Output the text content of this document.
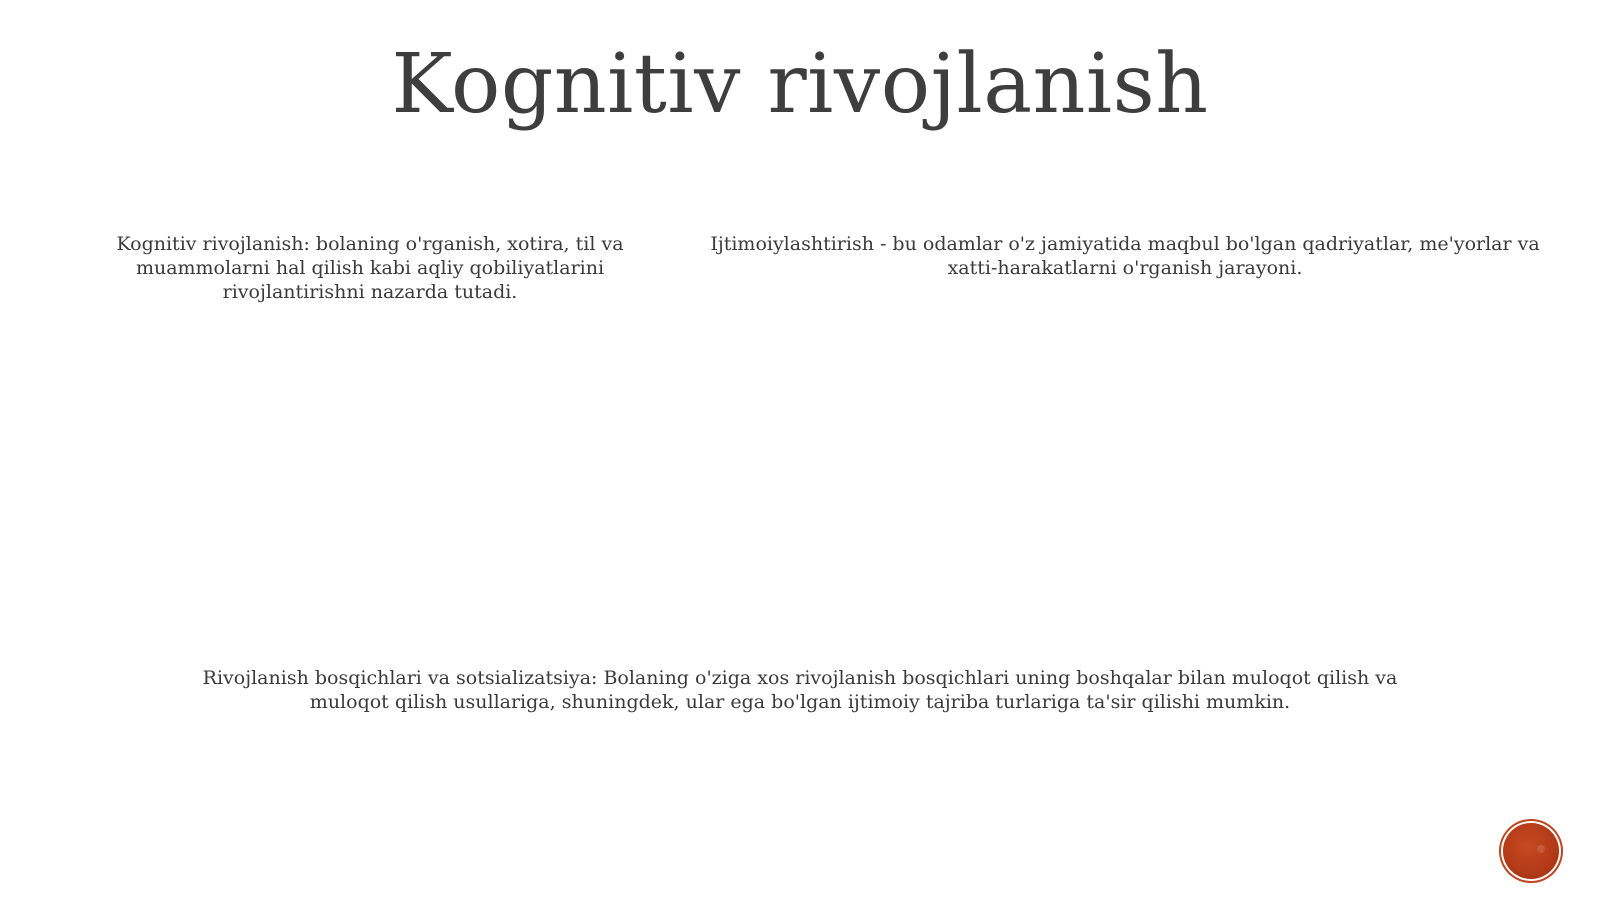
Kognitiv rivojlanish

Kognitiv rivojlanish: bolaning o'rganish, xotira, til va muammolarni hal qilish kabi aqliy qobiliyatlarini rivojlantirishni nazarda tutadi.

Ijtimoiylashtirish - bu odamlar o'z jamiyatida maqbul bo'lgan qadriyatlar, me'yorlar va xatti-harakatlarni o'rganish jarayoni.

Rivojlanish bosqichlari va sotsializatsiya: Bolaning o'ziga xos rivojlanish bosqichlari uning boshqalar bilan muloqot qilish va muloqot qilish usullariga, shuningdek, ular ega bo'lgan ijtimoiy tajriba turlariga ta'sir qilishi mumkin.
